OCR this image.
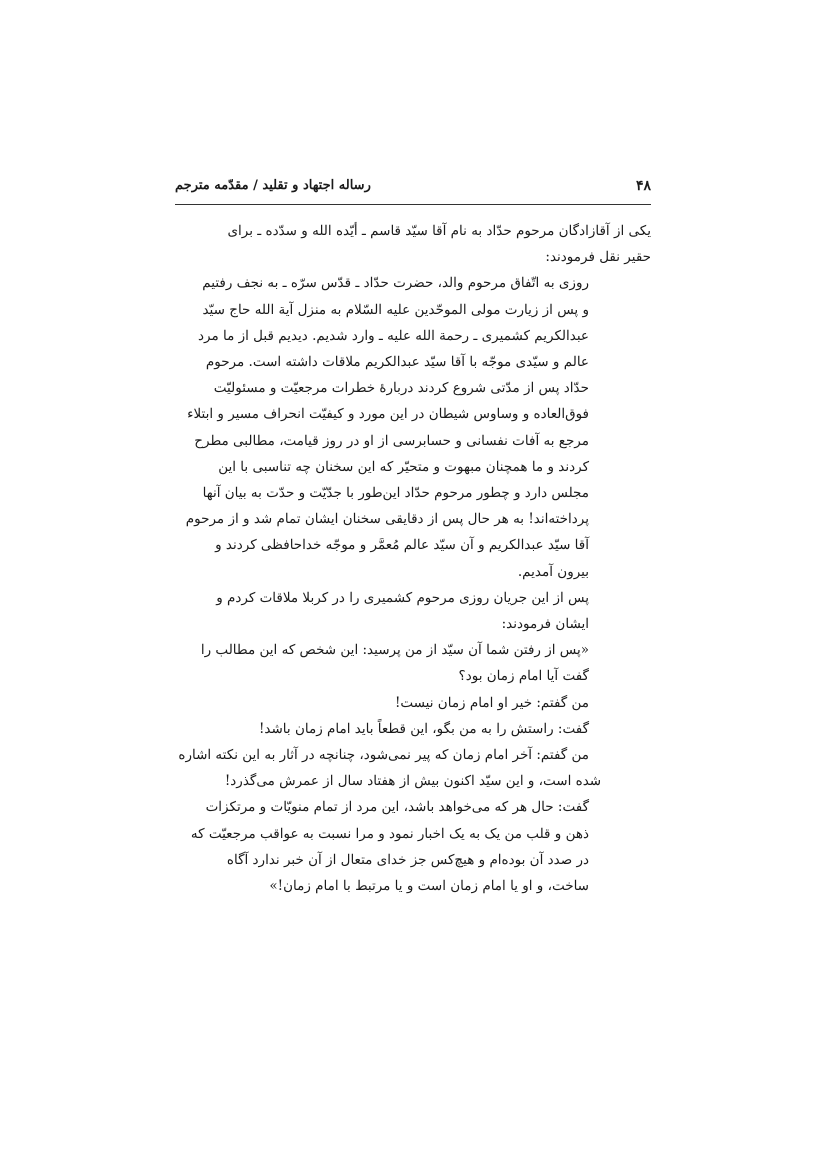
۴۸
رساله اجتهاد و تقلید / مقدّمه مترجم

یکی از آقازادگان مرحوم حدّاد به نام آقا سیّد قاسم ـ أیّده الله و سدّده ـ برای
حقیر نقل فرمودند:

روزی به اتّفاق مرحوم والد، حضرت حدّاد ـ قدّس سرّه ـ به نجف رفتیم
و پس از زیارت مولی الموحّدین علیه السّلام به منزل آیة الله حاج سیّد
عبدالکریم کشمیری ـ رحمة الله علیه ـ وارد شدیم. دیدیم قبل از ما مرد
عالم و سیّدی موجّه با آقا سیّد عبدالکریم ملاقات داشته است. مرحوم
حدّاد پس از مدّتی شروع کردند دربارهٔ خطرات مرجعیّت و مسئولیّت
فوق‌العاده و وساوس شیطان در این مورد و کیفیّت انحراف مسیر و ابتلاء
مرجع به آفات نفسانی و حسابرسی از او در روز قیامت، مطالبی مطرح
کردند و ما همچنان مبهوت و متحیّر که این سخنان چه تناسبی با این
مجلس دارد و چطور مرحوم حدّاد این‌طور با جدّیّت و حدّت به بیان آنها
پرداخته‌اند! به هر حال پس از دقایقی سخنان ایشان تمام شد و از مرحوم
آقا سیّد عبدالکریم و آن سیّد عالم مُعمَّر و موجّه خداحافظی کردند و
بیرون آمدیم.

پس از این جریان روزی مرحوم کشمیری را در کربلا ملاقات کردم و
ایشان فرمودند:

«پس از رفتن شما آن سیّد از من پرسید: این شخص که این مطالب را
گفت آیا امام زمان بود؟

من گفتم: خیر او امام زمان نیست!

گفت: راستش را به من بگو، این قطعاً باید امام زمان باشد!

من گفتم: آخر امام زمان که پیر نمی‌شود، چنانچه در آثار به این نکته اشاره

شده است، و این سیّد اکنون بیش از هفتاد سال از عمرش می‌گذرد!

گفت: حال هر که می‌خواهد باشد، این مرد از تمام منویّات و مرتکزات
ذهن و قلب من یک به یک اخبار نمود و مرا نسبت به عواقب مرجعیّت که
در صدد آن بوده‌ام و هیچ‌کس جز خدای متعال از آن خبر ندارد آگاه
ساخت، و او یا امام زمان است و یا مرتبط با امام زمان!»
